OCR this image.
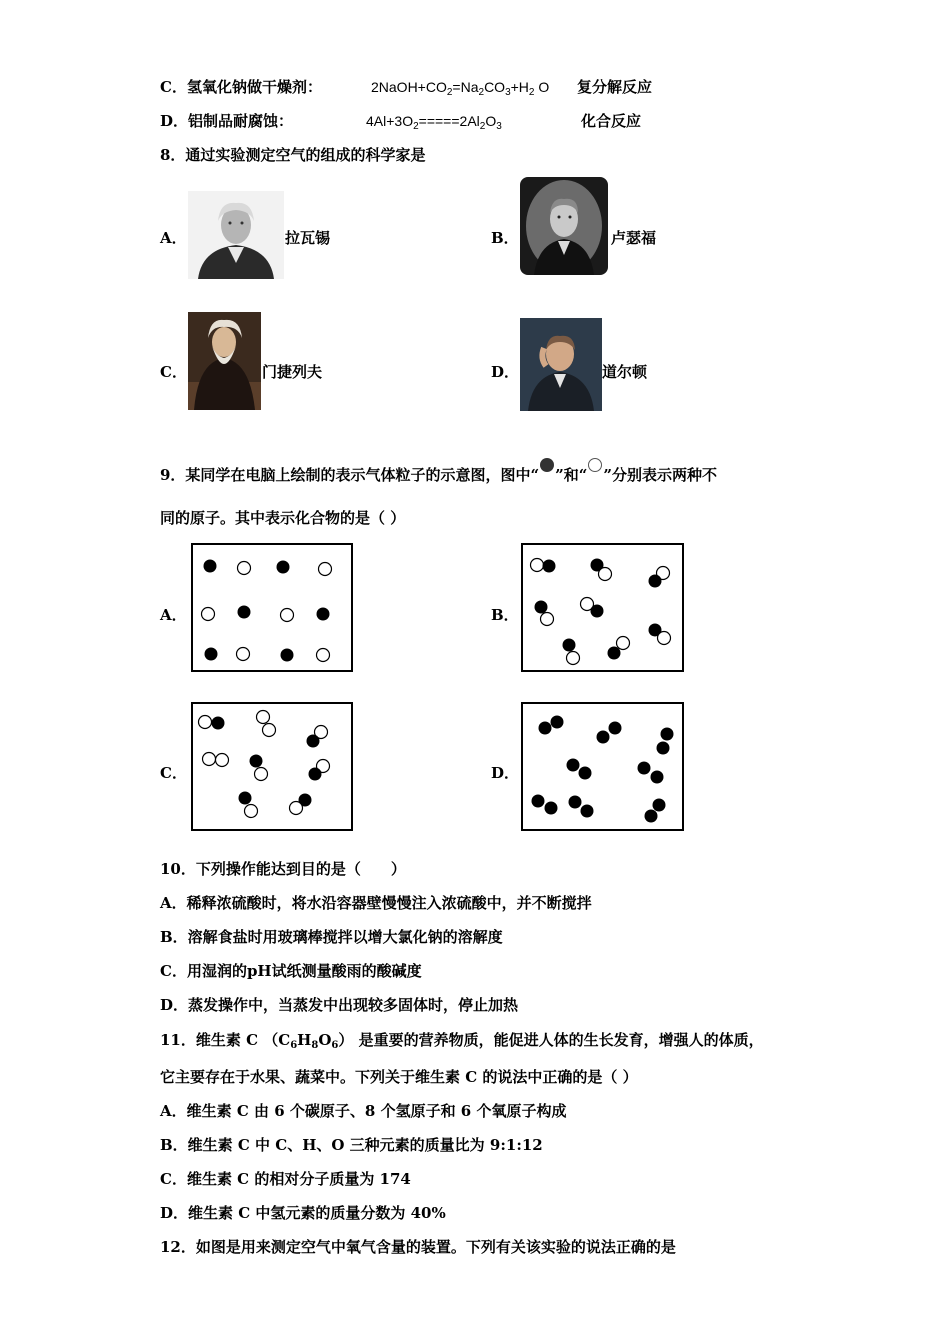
C．氢氧化钠做干燥剂：	$2NaOH+CO_2=Na_2CO_3+H_2$ O 复分解反应
D．铝制品耐腐蚀：	$4Al+3O_2=====2Al_2O_3$	化合反应
8．通过实验测定空气的组成的科学家是
A．	拉瓦锡	B．	卢瑟福
C．	门捷列夫	D．	道尔顿
9．某同学在电脑上绘制的表示气体粒子的示意图，图中“ ”和“ ”分别表示两种不
同的原子。其中表示化合物的是（ ）
A．	B．
C．	D．
10．下列操作能达到目的是（　　）
A．稀释浓硫酸时，将水沿容器壁慢慢注入浓硫酸中，并不断搅拌
B．溶解食盐时用玻璃棒搅拌以增大氯化钠的溶解度
C．用湿润的pH试纸测量酸雨的酸碱度
D．蒸发操作中，当蒸发中出现较多固体时，停止加热
11．维生素 C $(C_6H_8O_6)$ 是重要的营养物质，能促进人体的生长发育，增强人的体质，
它主要存在于水果、蔬菜中。下列关于维生素 C 的说法中正确的是（ ）
A．维生素 C 由 6 个碳原子、8 个氢原子和 6 个氧原子构成
B．维生素 C 中 C、H、O 三种元素的质量比为 9:1:12
C．维生素 C 的相对分子质量为 174
D．维生素 C 中氢元素的质量分数为 40%
12．如图是用来测定空气中氧气含量的装置。下列有关该实验的说法正确的是
